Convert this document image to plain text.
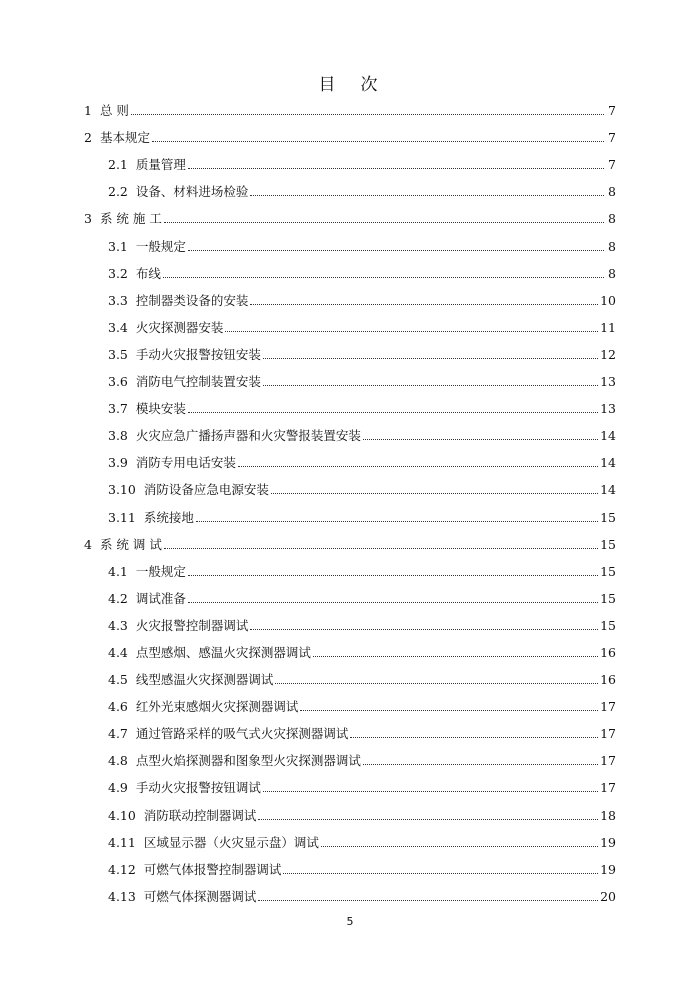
目　次
1 总 则	7
2 基本规定	7
2.1 质量管理	7
2.2 设备、材料进场检验	8
3 系 统 施 工	8
3.1 一般规定	8
3.2 布线	8
3.3 控制器类设备的安装	10
3.4 火灾探测器安装	11
3.5 手动火灾报警按钮安装	12
3.6 消防电气控制装置安装	13
3.7 模块安装	13
3.8 火灾应急广播扬声器和火灾警报装置安装	14
3.9 消防专用电话安装	14
3.10 消防设备应急电源安装	14
3.11 系统接地	15
4 系 统 调 试	15
4.1 一般规定	15
4.2 调试准备	15
4.3 火灾报警控制器调试	15
4.4 点型感烟、感温火灾探测器调试	16
4.5 线型感温火灾探测器调试	16
4.6 红外光束感烟火灾探测器调试	17
4.7 通过管路采样的吸气式火灾探测器调试	17
4.8 点型火焰探测器和图象型火灾探测器调试	17
4.9 手动火灾报警按钮调试	17
4.10 消防联动控制器调试	18
4.11 区域显示器（火灾显示盘）调试	19
4.12 可燃气体报警控制器调试	19
4.13 可燃气体探测器调试	20
5
